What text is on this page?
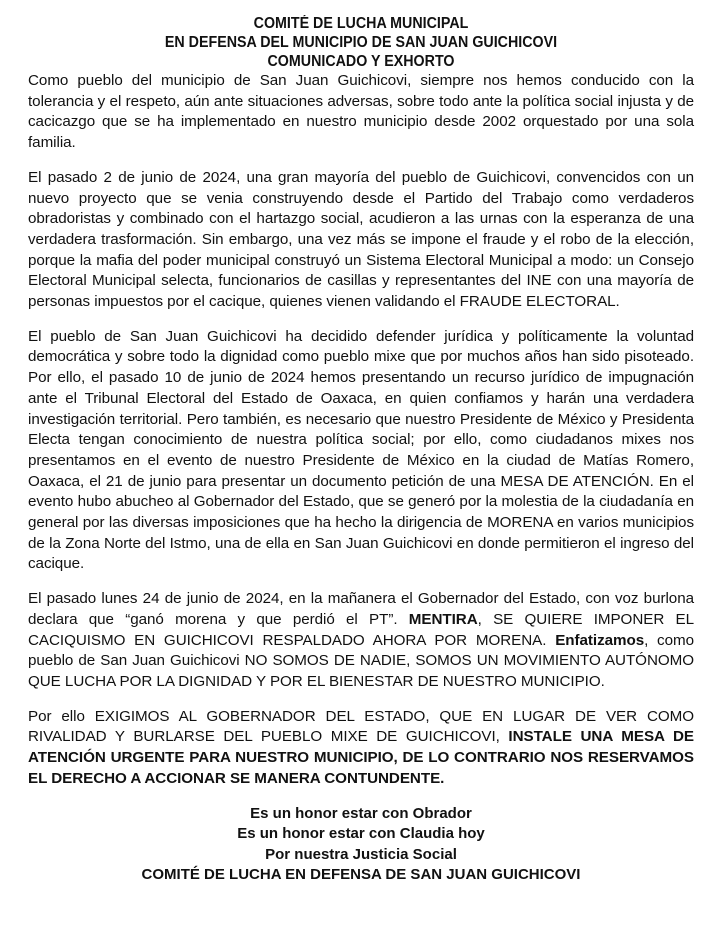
COMITÉ DE LUCHA MUNICIPAL
EN DEFENSA DEL MUNICIPIO DE SAN JUAN GUICHICOVI
COMUNICADO Y EXHORTO

Como pueblo del municipio de San Juan Guichicovi, siempre nos hemos conducido con la tolerancia y el respeto, aún ante situaciones adversas, sobre todo ante la política social injusta y de cacicazgo que se ha implementado en nuestro municipio desde 2002 orquestado por una sola familia.

El pasado 2 de junio de 2024, una gran mayoría del pueblo de Guichicovi, convencidos con un nuevo proyecto que se venia construyendo desde el Partido del Trabajo como verdaderos obradoristas y combinado con el hartazgo social, acudieron a las urnas con la esperanza de una verdadera trasformación. Sin embargo, una vez más se impone el fraude y el robo de la elección, porque la mafia del poder municipal construyó un Sistema Electoral Municipal a modo: un Consejo Electoral Municipal selecta, funcionarios de casillas y representantes del INE con una mayoría de personas impuestos por el cacique, quienes vienen validando el FRAUDE ELECTORAL.

El pueblo de San Juan Guichicovi ha decidido defender jurídica y políticamente la voluntad democrática y sobre todo la dignidad como pueblo mixe que por muchos años han sido pisoteado. Por ello, el pasado 10 de junio de 2024 hemos presentando un recurso jurídico de impugnación ante el Tribunal Electoral del Estado de Oaxaca, en quien confiamos y harán una verdadera investigación territorial. Pero también, es necesario que nuestro Presidente de México y Presidenta Electa tengan conocimiento de nuestra política social; por ello, como ciudadanos mixes nos presentamos en el evento de nuestro Presidente de México en la ciudad de Matías Romero, Oaxaca, el 21 de junio para presentar un documento petición de una MESA DE ATENCIÓN. En el evento hubo abucheo al Gobernador del Estado, que se generó por la molestia de la ciudadanía en general por las diversas imposiciones que ha hecho la dirigencia de MORENA en varios municipios de la Zona Norte del Istmo, una de ella en San Juan Guichicovi en donde permitieron el ingreso del cacique.

El pasado lunes 24 de junio de 2024, en la mañanera el Gobernador del Estado, con voz burlona declara que “ganó morena y que perdió el PT”. MENTIRA, SE QUIERE IMPONER EL CACIQUISMO EN GUICHICOVI RESPALDADO AHORA POR MORENA. Enfatizamos, como pueblo de San Juan Guichicovi NO SOMOS DE NADIE, SOMOS UN MOVIMIENTO AUTÓNOMO QUE LUCHA POR LA DIGNIDAD Y POR EL BIENESTAR DE NUESTRO MUNICIPIO.

Por ello EXIGIMOS AL GOBERNADOR DEL ESTADO, QUE EN LUGAR DE VER COMO RIVALIDAD Y BURLARSE DEL PUEBLO MIXE DE GUICHICOVI, INSTALE UNA MESA DE ATENCIÓN URGENTE PARA NUESTRO MUNICIPIO, DE LO CONTRARIO NOS RESERVAMOS EL DERECHO A ACCIONAR SE MANERA CONTUNDENTE.

Es un honor estar con Obrador
Es un honor estar con Claudia hoy
Por nuestra Justicia Social
COMITÉ DE LUCHA EN DEFENSA DE SAN JUAN GUICHICOVI
